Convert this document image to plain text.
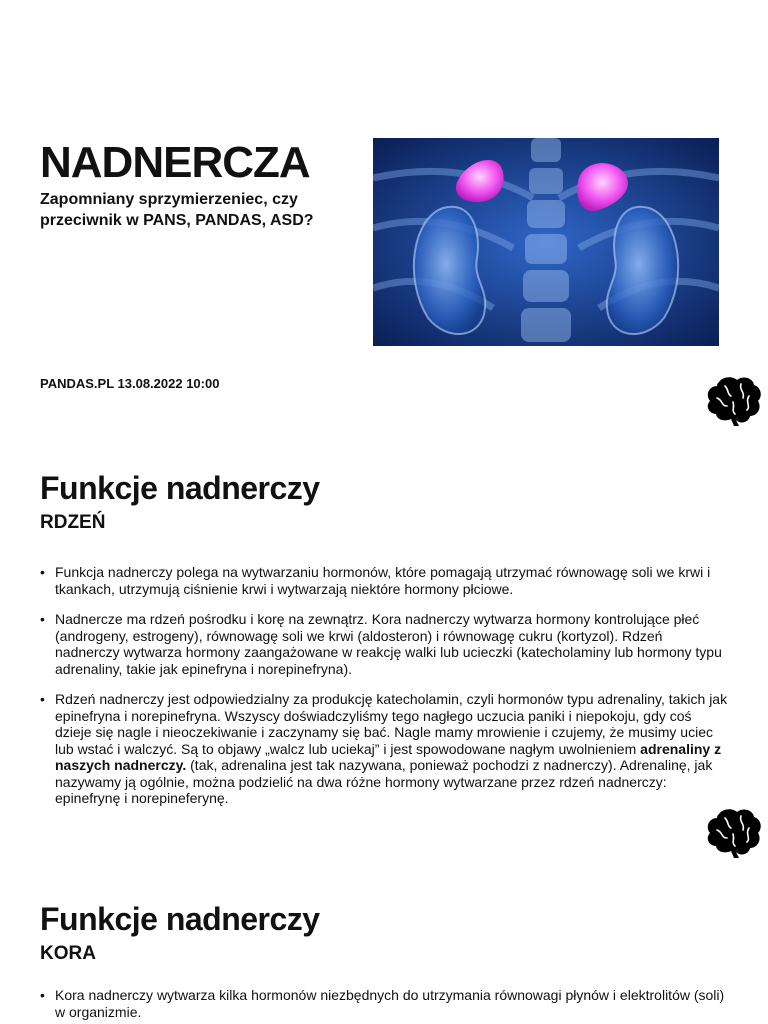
NADNERCZA

Zapomniany sprzymierzeniec, czy przeciwnik w PANS, PANDAS, ASD?

PANDAS.PL 13.08.2022 10:00
Funkcje nadnerczy
RDZEŃ
• Funkcja nadnerczy polega na wytwarzaniu hormonów, które pomagają utrzymać równowagę soli we krwi i tkankach, utrzymują ciśnienie krwi i wytwarzają niektóre hormony płciowe.
• Nadnercze ma rdzeń pośrodku i korę na zewnątrz. Kora nadnerczy wytwarza hormony kontrolujące płeć (androgeny, estrogeny), równowagę soli we krwi (aldosteron) i równowagę cukru (kortyzol). Rdzeń nadnerczy wytwarza hormony zaangażowane w reakcję walki lub ucieczki (katecholaminy lub hormony typu adrenaliny, takie jak epinefryna i norepinefryna).
• Rdzeń nadnerczy jest odpowiedzialny za produkcję katecholamin, czyli hormonów typu adrenaliny, takich jak epinefryna i norepinefryna. Wszyscy doświadczyliśmy tego nagłego uczucia paniki i niepokoju, gdy coś dzieje się nagle i nieoczekiwanie i zaczynamy się bać. Nagle mamy mrowienie i czujemy, że musimy uciec lub wstać i walczyć. Są to objawy „walcz lub uciekaj” i jest spowodowane nagłym uwolnieniem adrenaliny z naszych nadnerczy. (tak, adrenalina jest tak nazywana, ponieważ pochodzi z nadnerczy). Adrenalinę, jak nazywamy ją ogólnie, można podzielić na dwa różne hormony wytwarzane przez rdzeń nadnerczy: epinefrynę i norepineferynę.
Funkcje nadnerczy
KORA
• Kora nadnerczy wytwarza kilka hormonów niezbędnych do utrzymania równowagi płynów i elektrolitów (soli) w organizmie.
